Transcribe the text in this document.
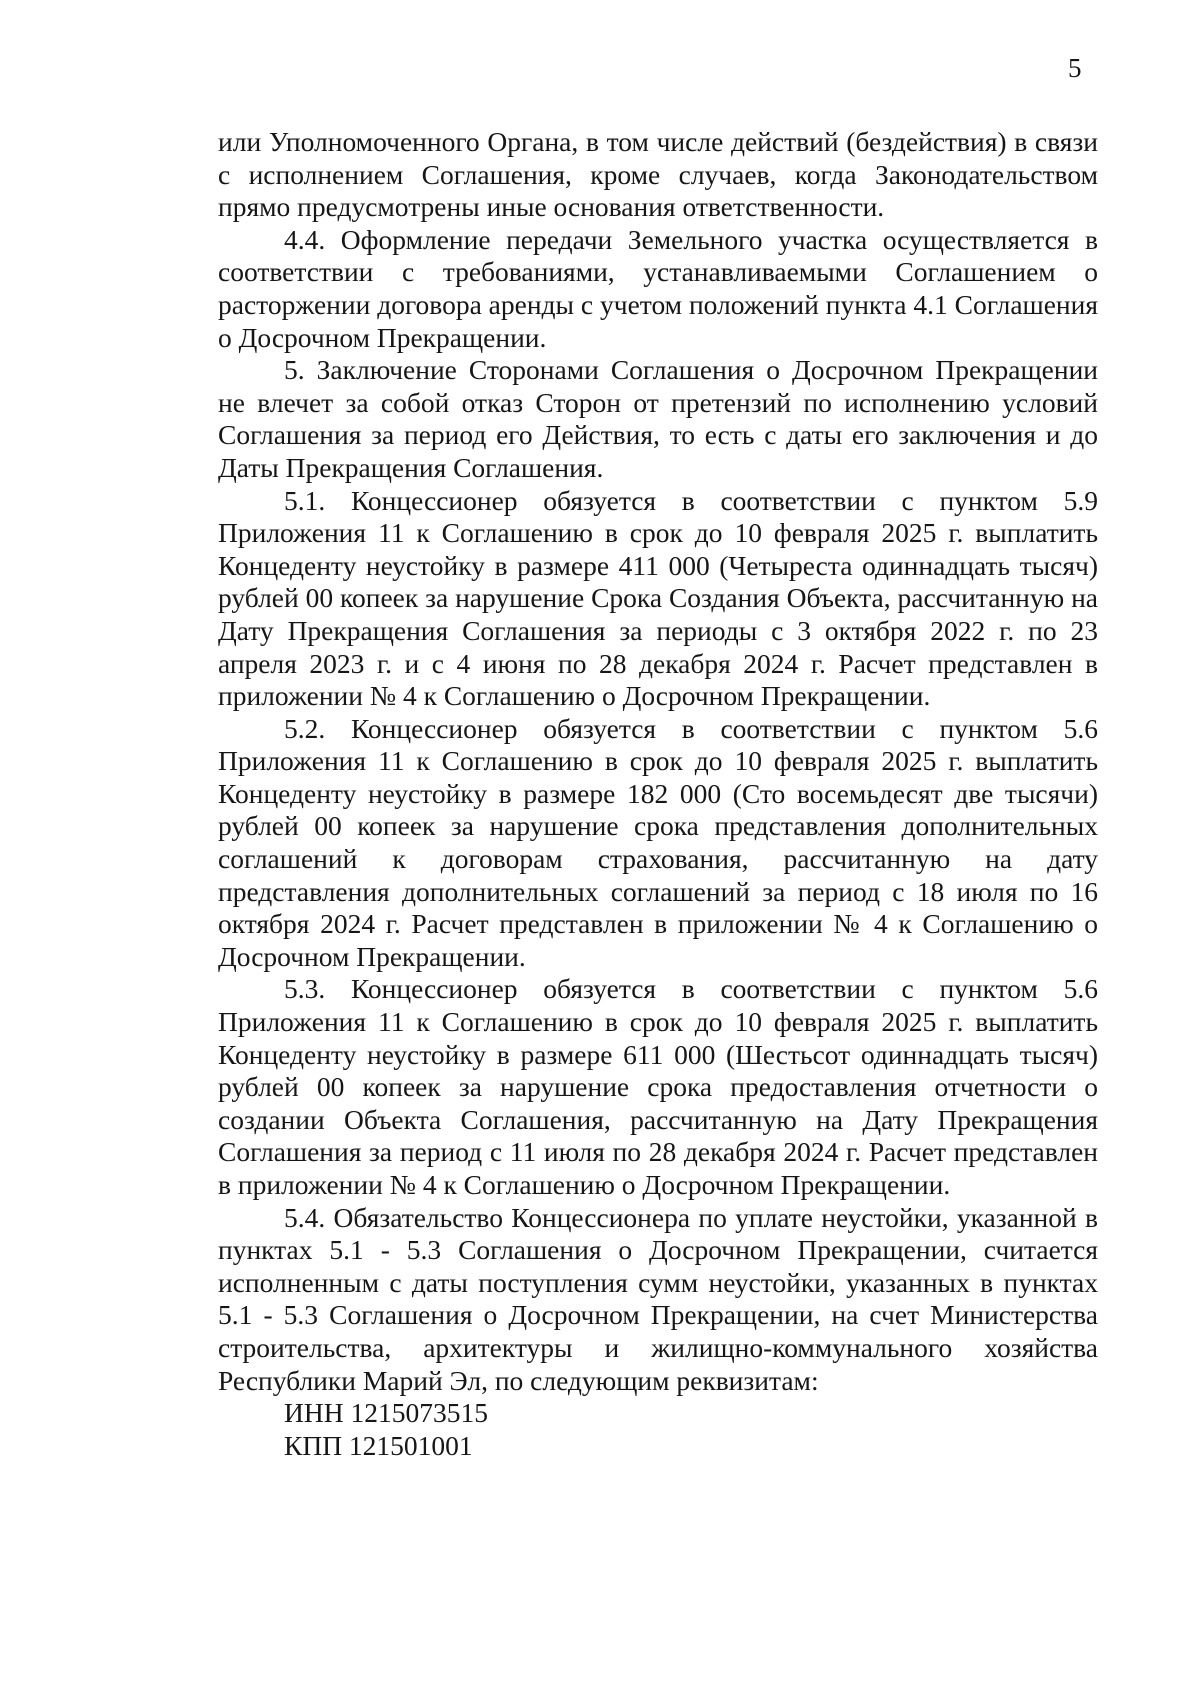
5

или Уполномоченного Органа, в том числе действий (бездействия) в связи с исполнением Соглашения, кроме случаев, когда Законодательством прямо предусмотрены иные основания ответственности.

4.4. Оформление передачи Земельного участка осуществляется в соответствии с требованиями, устанавливаемыми Соглашением о расторжении договора аренды с учетом положений пункта 4.1 Соглашения о Досрочном Прекращении.

5. Заключение Сторонами Соглашения о Досрочном Прекращении не влечет за собой отказ Сторон от претензий по исполнению условий Соглашения за период его Действия, то есть с даты его заключения и до Даты Прекращения Соглашения.

5.1. Концессионер обязуется в соответствии с пунктом 5.9 Приложения 11 к Соглашению в срок до 10 февраля 2025 г. выплатить Концеденту неустойку в размере 411 000 (Четыреста одиннадцать тысяч) рублей 00 копеек за нарушение Срока Создания Объекта, рассчитанную на Дату Прекращения Соглашения за периоды с 3 октября 2022 г. по 23 апреля 2023 г. и с 4 июня по 28 декабря 2024 г. Расчет представлен в приложении № 4 к Соглашению о Досрочном Прекращении.

5.2. Концессионер обязуется в соответствии с пунктом 5.6 Приложения 11 к Соглашению в срок до 10 февраля 2025 г. выплатить Концеденту неустойку в размере 182 000 (Сто восемьдесят две тысячи) рублей 00 копеек за нарушение срока представления дополнительных соглашений к договорам страхования, рассчитанную на дату представления дополнительных соглашений за период с 18 июля по 16 октября 2024 г. Расчет представлен в приложении № 4 к Соглашению о Досрочном Прекращении.

5.3. Концессионер обязуется в соответствии с пунктом 5.6 Приложения 11 к Соглашению в срок до 10 февраля 2025 г. выплатить Концеденту неустойку в размере 611 000 (Шестьсот одиннадцать тысяч) рублей 00 копеек за нарушение срока предоставления отчетности о создании Объекта Соглашения, рассчитанную на Дату Прекращения Соглашения за период с 11 июля по 28 декабря 2024 г. Расчет представлен в приложении № 4 к Соглашению о Досрочном Прекращении.

5.4. Обязательство Концессионера по уплате неустойки, указанной в пунктах 5.1 - 5.3 Соглашения о Досрочном Прекращении, считается исполненным с даты поступления сумм неустойки, указанных в пунктах 5.1 - 5.3 Соглашения о Досрочном Прекращении, на счет Министерства строительства, архитектуры и жилищно-коммунального хозяйства Республики Марий Эл, по следующим реквизитам:

ИНН 1215073515

КПП 121501001
